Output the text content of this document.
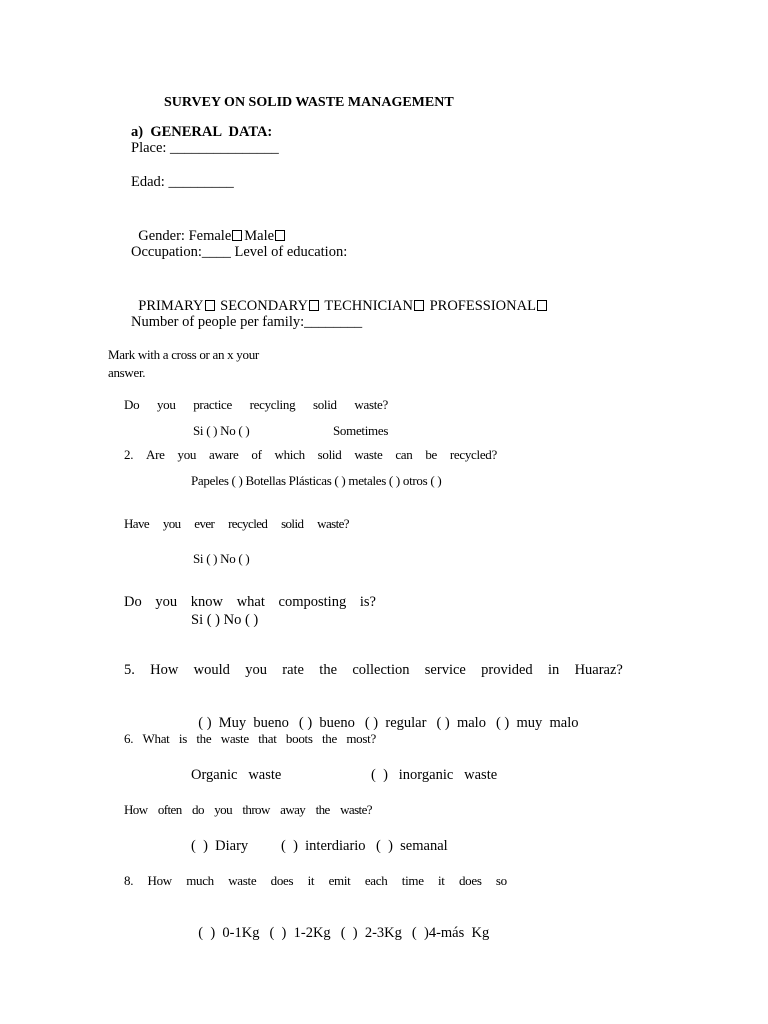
SURVEY ON SOLID WASTE MANAGEMENT
a)  GENERAL  DATA:
Place: _______________
Edad: _________

Gender: Female Male

Occupation:____ Level of education:

PRIMARY SECONDARY TECHNICIAN PROFESSIONAL

Number of people per family:________
Mark with a cross or an x your
answer.
Do you practice recycling solid waste?
Si ( ) No ( )	Sometimes
2. Are you aware of which solid waste can be recycled?
Papeles ( ) Botellas Plásticas ( ) metales ( ) otros ( )
Have you ever recycled solid waste?
Si ( ) No ( )
Do you know what composting is?
Si ( ) No ( )
5. How would you rate the collection service provided in Huaraz?

( )  Muy  bueno ( )  bueno ( )  regular ( )  malo ( )  muy  malo

6. What is the waste that boots the most?
Organic   waste	(  )   inorganic   waste
How often do you throw away the waste?
(  )  Diary (  )  interdiario (  )  semanal
8. How much waste does it emit each time it does so

(  )  0-1Kg (  )  1-2Kg (  )  2-3Kg (  )4-más  Kg
